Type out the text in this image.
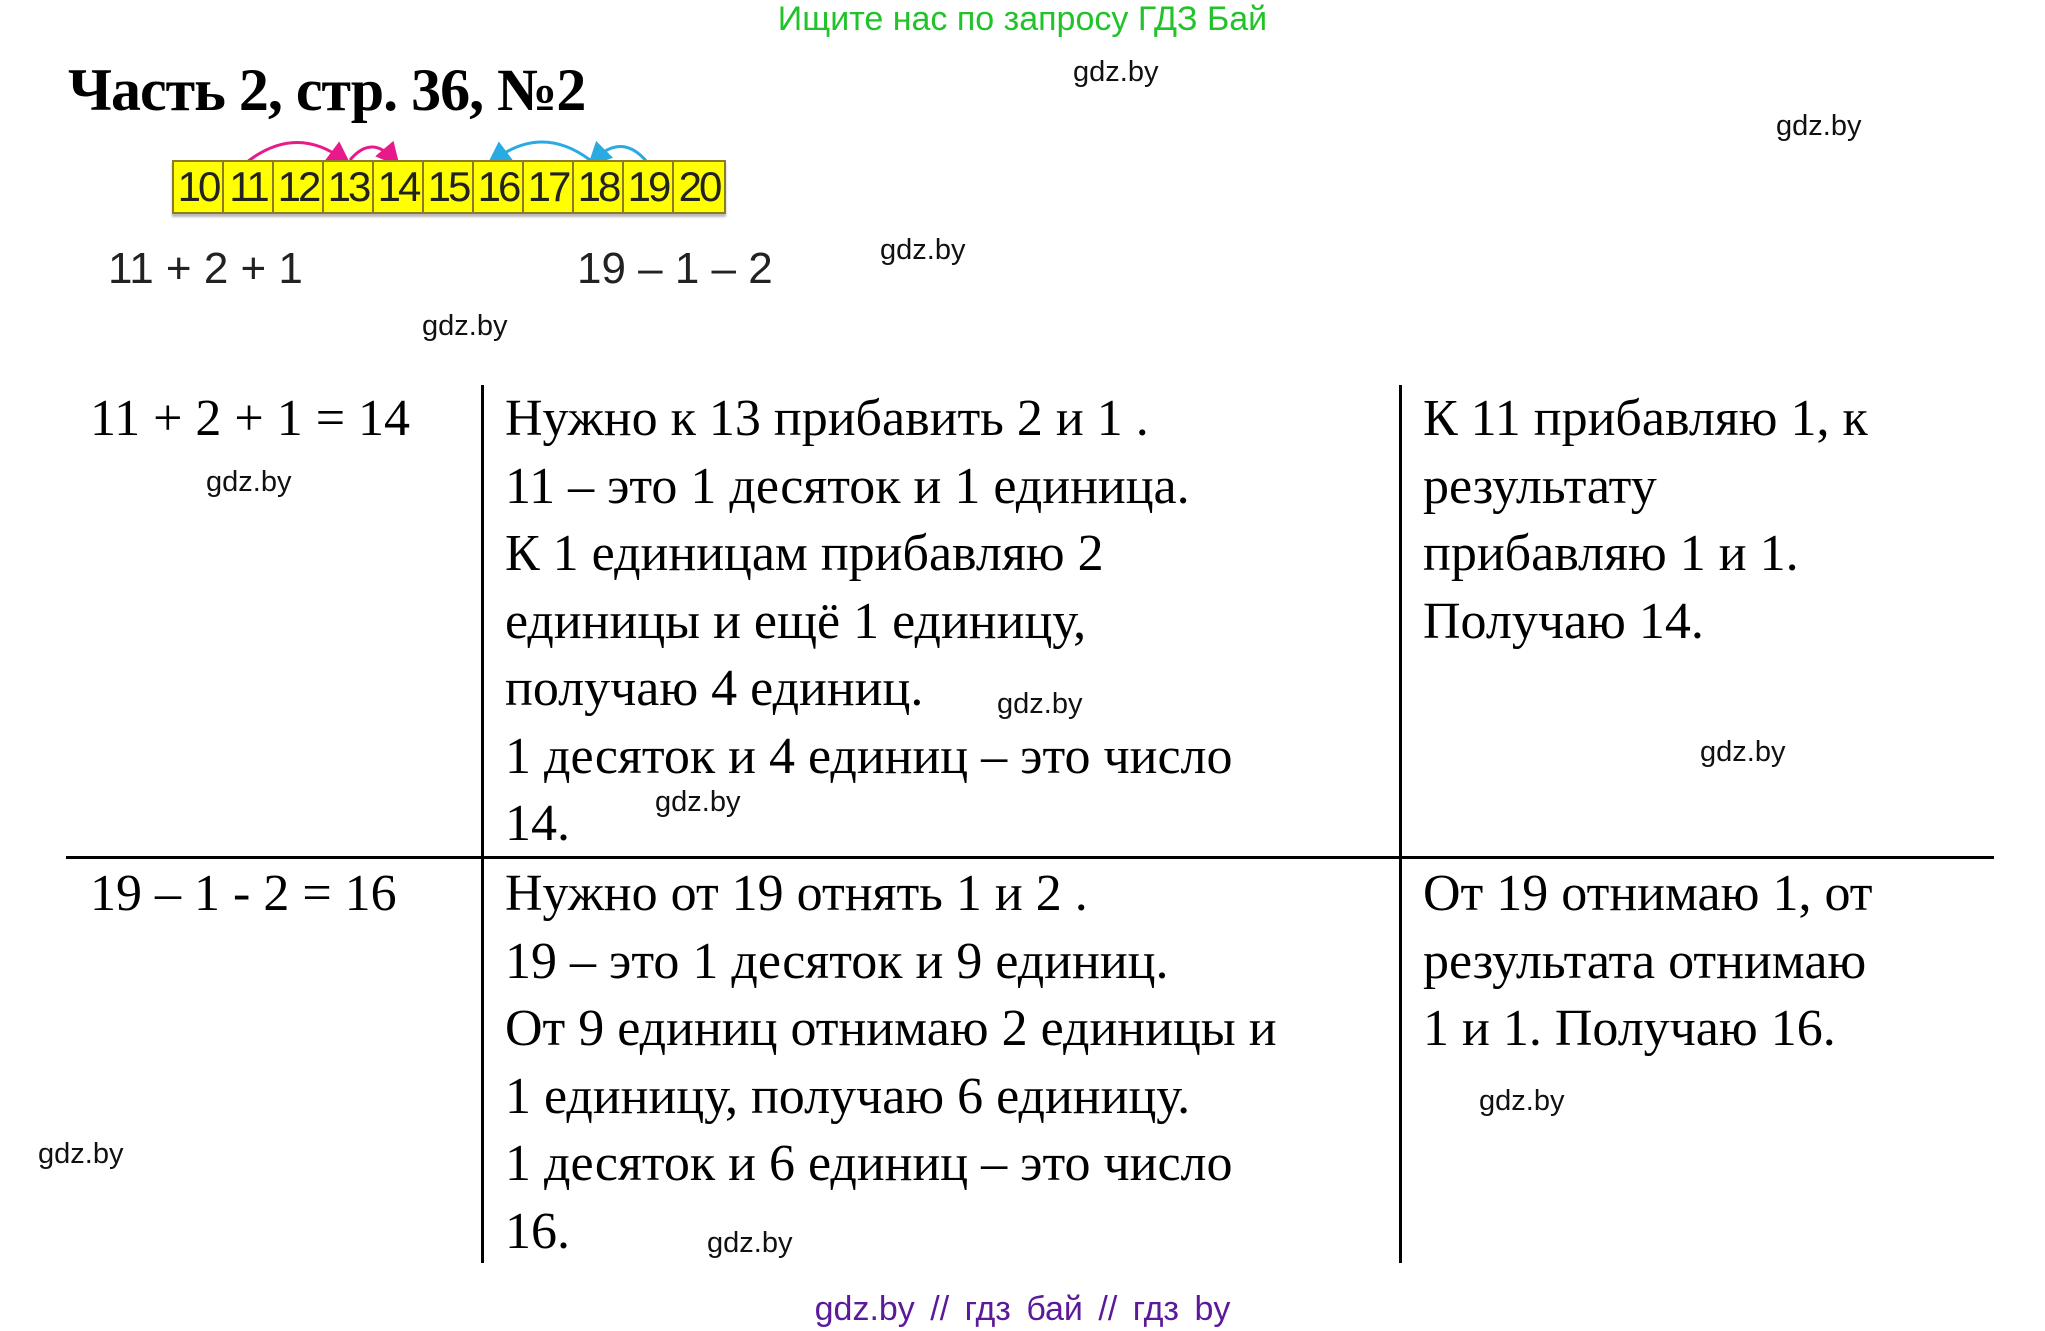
Ищите нас по запросу ГДЗ Бай
Часть 2, стр. 36, №2	gdz.by
gdz.by
gdz.by
gdz.by
gdz.by
gdz.by
gdz.by
gdz.by
gdz.by
gdz.by
gdz.by
10 11 12 13 14 15 16 17 18 19 20
11 + 2 + 1	19 – 1 – 2
11 + 2 + 1 = 14 Нужно к 13 прибавить 2 и 1 .
11 – это 1 десяток и 1 единица.
К 1 единицам прибавляю 2
единицы и ещё 1 единицу,
получаю 4 единиц.
1 десяток и 4 единиц – это число
14.
К 11 прибавляю 1, к
результату
прибавляю 1 и 1.
Получаю 14.
19 – 1 - 2 = 16 Нужно от 19 отнять 1 и 2 .
19 – это 1 десяток и 9 единиц.
От 9 единиц отнимаю 2 единицы и
1 единицу, получаю 6 единицу.
1 десяток и 6 единиц – это число
16.
От 19 отнимаю 1, от
результата отнимаю
1 и 1. Получаю 16.
gdz.by // гдз бай // гдз by
